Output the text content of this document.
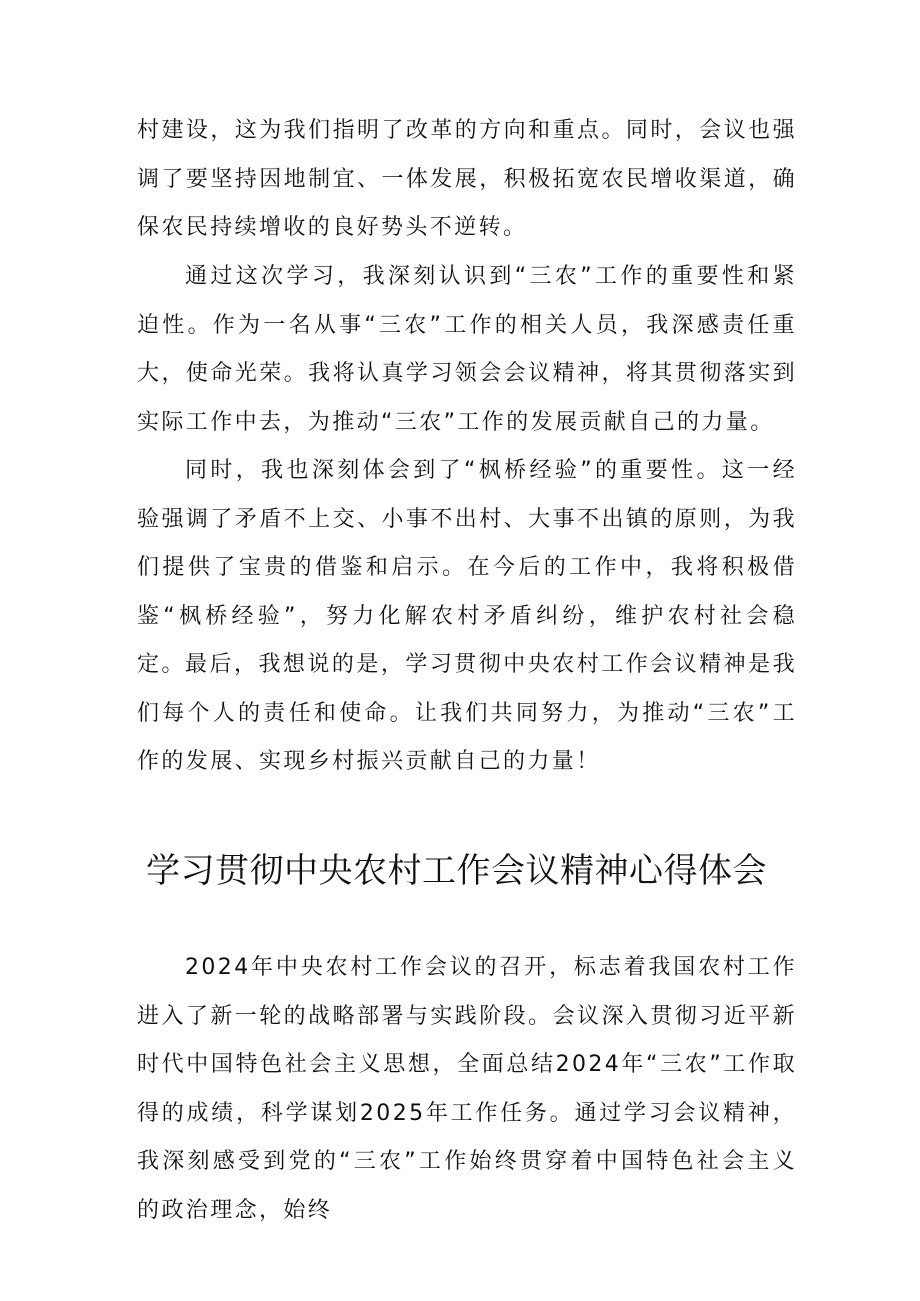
村建设，这为我们指明了改革的方向和重点。同时，会议也强调了要坚持因地制宜、一体发展，积极拓宽农民增收渠道，确保农民持续增收的良好势头不逆转。

通过这次学习，我深刻认识到“三农”工作的重要性和紧迫性。作为一名从事“三农”工作的相关人员，我深感责任重大，使命光荣。我将认真学习领会会议精神，将其贯彻落实到实际工作中去，为推动“三农”工作的发展贡献自己的力量。

同时，我也深刻体会到了“枫桥经验”的重要性。这一经验强调了矛盾不上交、小事不出村、大事不出镇的原则，为我们提供了宝贵的借鉴和启示。在今后的工作中，我将积极借鉴“枫桥经验”，努力化解农村矛盾纠纷，维护农村社会稳定。 最后，我想说的是，学习贯彻中央农村工作会议精神是我们每个人的责任和使命。让我们共同努力，为推动“三农”工作的发展、实现乡村振兴贡献自己的力量！

学习贯彻中央农村工作会议精神心得体会

2024年中央农村工作会议的召开，标志着我国农村工作进入了新一轮的战略部署与实践阶段。会议深入贯彻习近平新时代中国特色社会主义思想，全面总结2024年“三农”工作取得的成绩，科学谋划2025年工作任务。通过学习会议精神，我深刻感受到党的“三农”工作始终贯穿着中国特色社会主义的政治理念，始终
